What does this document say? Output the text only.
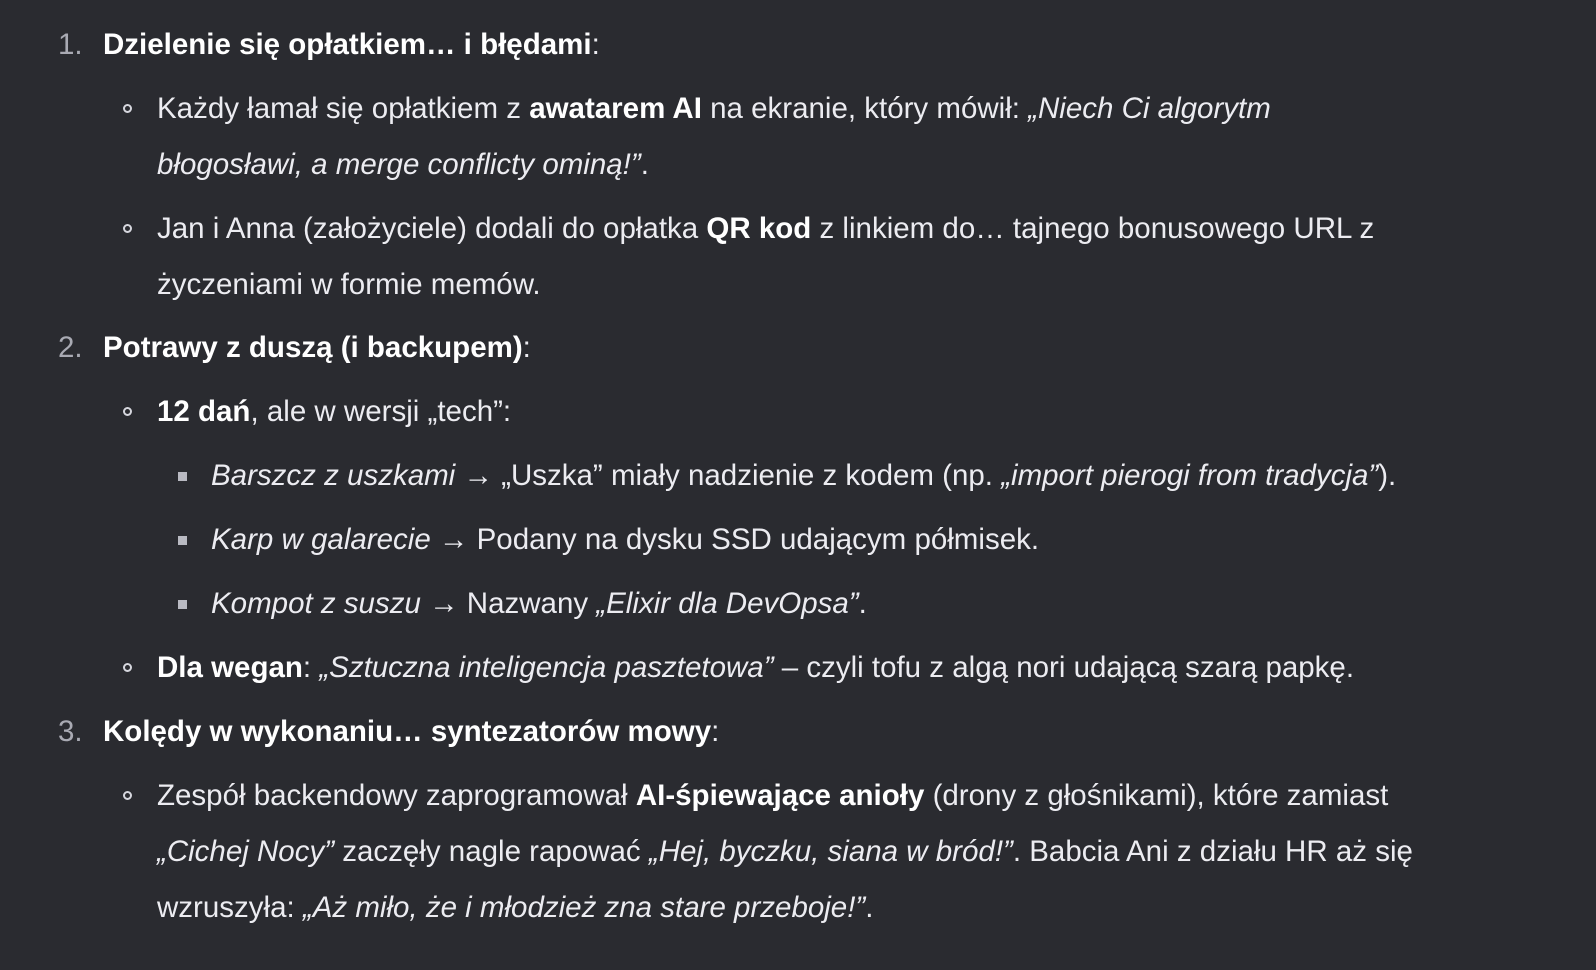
1. Dzielenie się opłatkiem… i błędami:
Każdy łamał się opłatkiem z awatarem AI na ekranie, który mówił: „Niech Ci algorytm
błogosławi, a merge conflicty ominą!”.
Jan i Anna (założyciele) dodali do opłatka QR kod z linkiem do… tajnego bonusowego URL z
życzeniami w formie memów.
2. Potrawy z duszą (i backupem):
12 dań, ale w wersji „tech”:
Barszcz z uszkami → „Uszka” miały nadzienie z kodem (np. „import pierogi from tradycja”).
Karp w galarecie → Podany na dysku SSD udającym półmisek.
Kompot z suszu → Nazwany „Elixir dla DevOpsa”.
Dla wegan: „Sztuczna inteligencja pasztetowa” – czyli tofu z algą nori udającą szarą papkę.
3. Kolędy w wykonaniu… syntezatorów mowy:
Zespół backendowy zaprogramował AI-śpiewające anioły (drony z głośnikami), które zamiast
„Cichej Nocy” zaczęły nagle rapować „Hej, byczku, siana w bród!”. Babcia Ani z działu HR aż się
wzruszyła: „Aż miło, że i młodzież zna stare przeboje!”.
